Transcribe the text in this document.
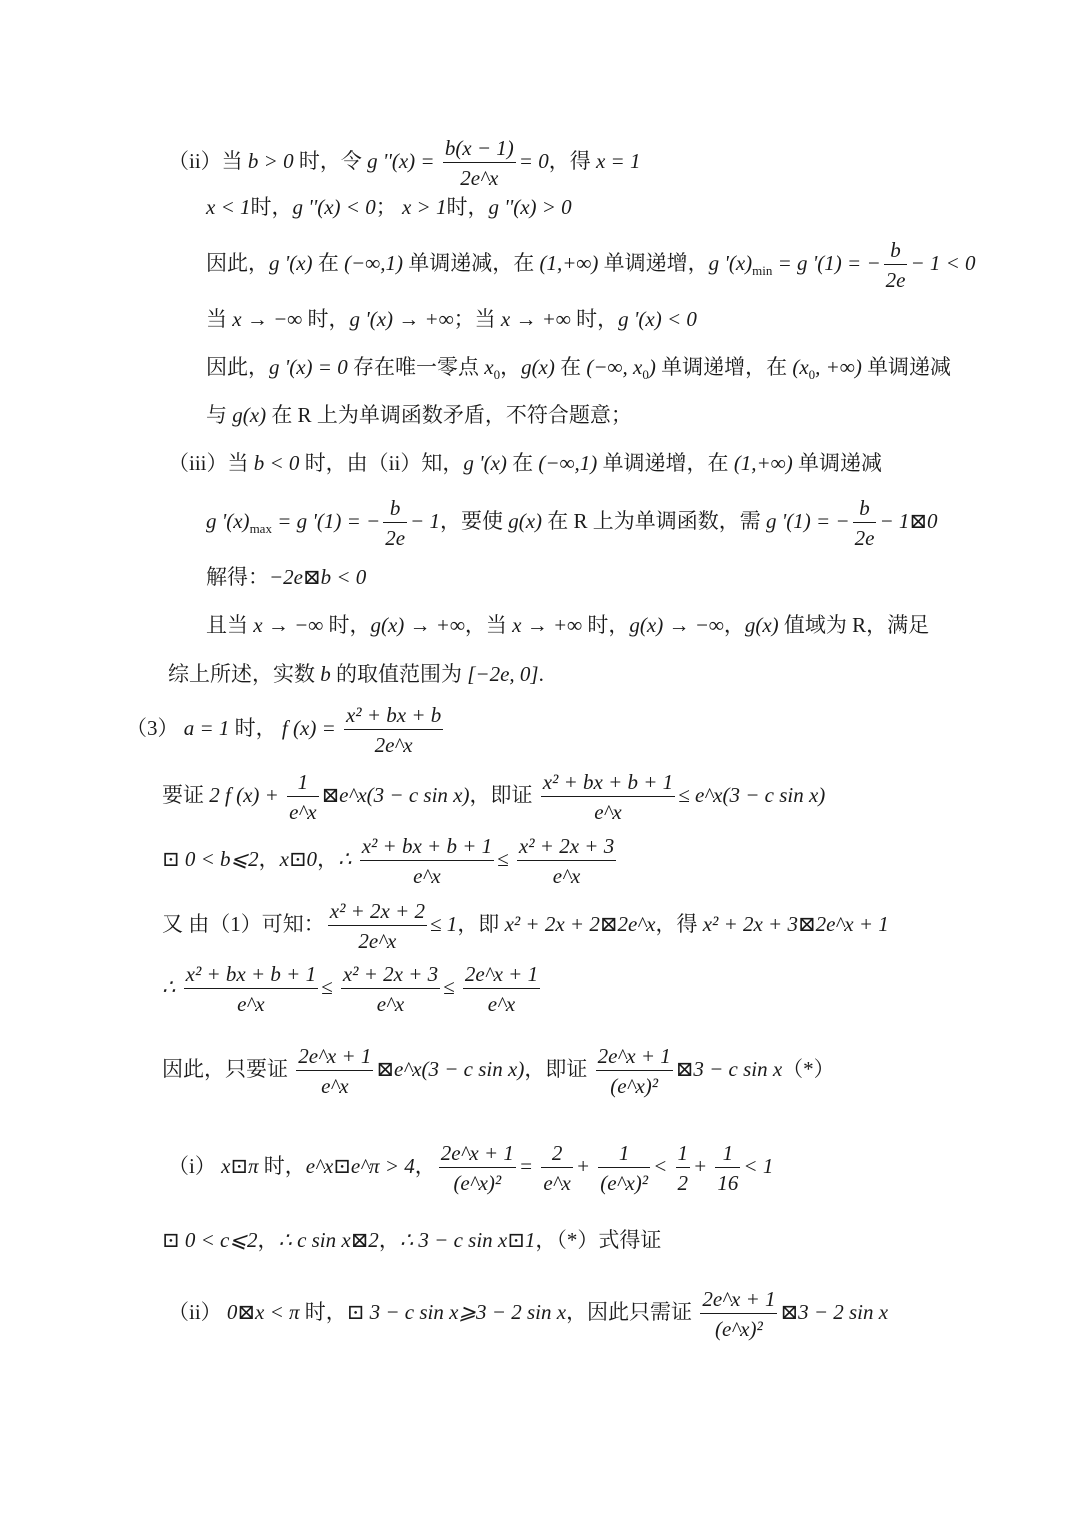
（ii）当 b > 0 时，令 g ''$(x) = \frac{b(x - 1)}{2e\^{}x} = 0$，得 x = 1
x < 1时，g ''(x) < 0； x > 1时，g ''(x) > 0
因此，g '(x) 在 (−∞,1) 单调递减，在 (1,+∞) 单调递增，g '$(x)_{min} = g$ '(1) = − $\frac{b}{2e} - 1 < 0$
当 x → −∞ 时，g '(x) → +∞；当 x → +∞ 时，g '(x) < 0
因此，g '(x) = 0 存在唯一零点 $x_0$，g(x) 在 (−∞, $x_0$) 单调递增，在 ($x_0$, +∞) 单调递减
与 g(x) 在 R 上为单调函数矛盾，不符合题意；
（iii）当 b < 0 时，由（ii）知，g '(x) 在 (−∞,1) 单调递增，在 (1,+∞) 单调递减
g '$(x)_{max} = g$ '(1) = − $\frac{b}{2e} - 1$，要使 g(x) 在 R 上为单调函数，需 g '(1) = − $\frac{b}{2e}$ − 1⊠0
解得：−2e⊠b < 0
且当 x → −∞ 时，g(x) → +∞，当 x → +∞ 时，g(x) → −∞，g(x) 值域为 R，满足
综上所述，实数 b 的取值范围为 [−2e, 0].
（3） a = 1 时， f $(x) = \frac{\text{x² + bx + b}}{2e\^{}x}$
要证 2 f $(x) + \frac{1}{e\^{}x}$ ⊠e^x(3 − c sin x)，即证 $\frac{\text{x² + bx + b + 1}}{e\^{}x}$ ≤ e^x(3 − c sin x)
⊡ 0 < b⩽2，x⊡0，∴ $\frac{\text{x² + bx + b + 1}}{e\^{}x} \le \frac{\text{x² + 2x + 3}}{e\^{}x}$
又 由（1）可知： $\frac{\text{x² + 2x + 2}}{2e\^{}x} \le 1$，即 x² + 2x + 2⊠2e^x，得 x² + 2x + 3⊠2e^x + 1
∴ $\frac{\text{x² + bx + b + 1}}{e\^{}x} \le \frac{\text{x² + 2x + 3}}{e\^{}x} \le \frac{2e\^{}x + 1}{e\^{}x}$
因此，只要证 $\frac{2e\^{}x + 1}{e\^{}x}$ ⊠e^x(3 − c sin x)，即证 $\frac{2e\^{}x + 1}{\text{(e\textasciicircum{}x)²}}$ ⊠3 − c sin x（*）
（i） x⊡π 时，e^x⊡e^π > 4， $\frac{2e\^{}x + 1}{\text{(e\textasciicircum{}x)²}} = \frac{2}{e\^{}x} + \frac{1}{\text{(e\textasciicircum{}x)²}} < \frac{1}{2} + \frac{1}{16} < 1$
⊡ 0 < c⩽2，∴ c sin x⊠2，∴ 3 − c sin x⊡1，（*）式得证
（ii） 0⊠x < π 时，⊡ 3 − c sin x⩾3 − 2 sin x，因此只需证 $\frac{2e\^{}x + 1}{\text{(e\textasciicircum{}x)²}}$ ⊠3 − 2 sin x
